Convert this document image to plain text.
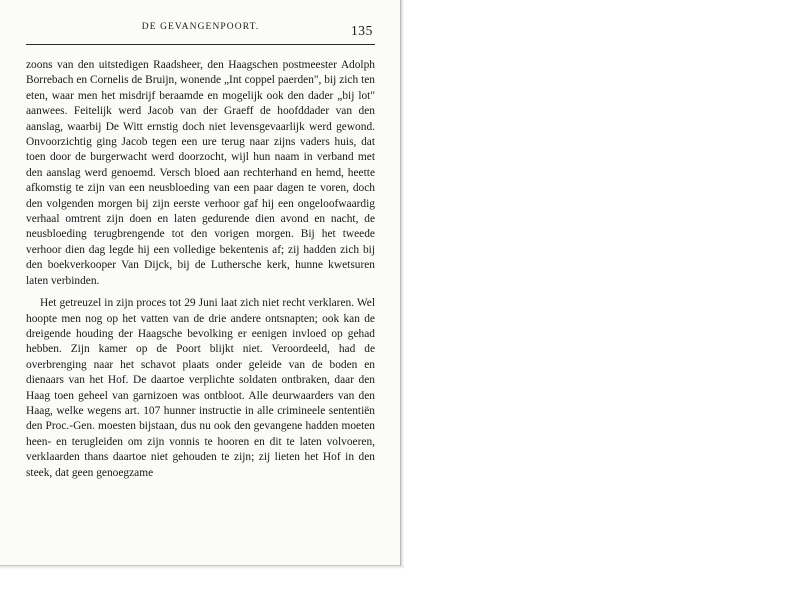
DE GEVANGENPOORT.	135

zoons van den uitstedigen Raadsheer, den Haagschen postmeester Adolph Borrebach en Cornelis de Bruijn, wonende „Int coppel paerden", bij zich ten eten, waar men het misdrijf beraamde en mogelijk ook den dader „bij lot" aanwees. Feitelijk werd Jacob van der Graeff de hoofddader van den aanslag, waarbij De Witt ernstig doch niet levensgevaarlijk werd gewond. Onvoorzichtig ging Jacob tegen een ure terug naar zijns vaders huis, dat toen door de burgerwacht werd doorzocht, wijl hun naam in verband met den aanslag werd genoemd. Versch bloed aan rechterhand en hemd, heette afkomstig te zijn van een neusbloeding van een paar dagen te voren, doch den volgenden morgen bij zijn eerste verhoor gaf hij een ongeloofwaardig verhaal omtrent zijn doen en laten gedurende dien avond en nacht, de neusbloeding terugbrengende tot den vorigen morgen. Bij het tweede verhoor dien dag legde hij een volledige bekentenis af; zij hadden zich bij den boekverkooper Van Dijck, bij de Luthersche kerk, hunne kwetsuren laten verbinden.

Het getreuzel in zijn proces tot 29 Juni laat zich niet recht verklaren. Wel hoopte men nog op het vatten van de drie andere ontsnapten; ook kan de dreigende houding der Haagsche bevolking er eenigen invloed op gehad hebben. Zijn kamer op de Poort blijkt niet. Veroordeeld, had de overbrenging naar het schavot plaats onder geleide van de boden en dienaars van het Hof. De daartoe verplichte soldaten ontbraken, daar den Haag toen geheel van garnizoen was ontbloot. Alle deurwaarders van den Haag, welke wegens art. 107 hunner instructie in alle crimineele sententiën den Proc.-Gen. moesten bijstaan, dus nu ook den gevangene hadden moeten heen- en terugleiden om zijn vonnis te hooren en dit te laten volvoeren, verklaarden thans daartoe niet gehouden te zijn; zij lieten het Hof in den steek, dat geen genoegzame
